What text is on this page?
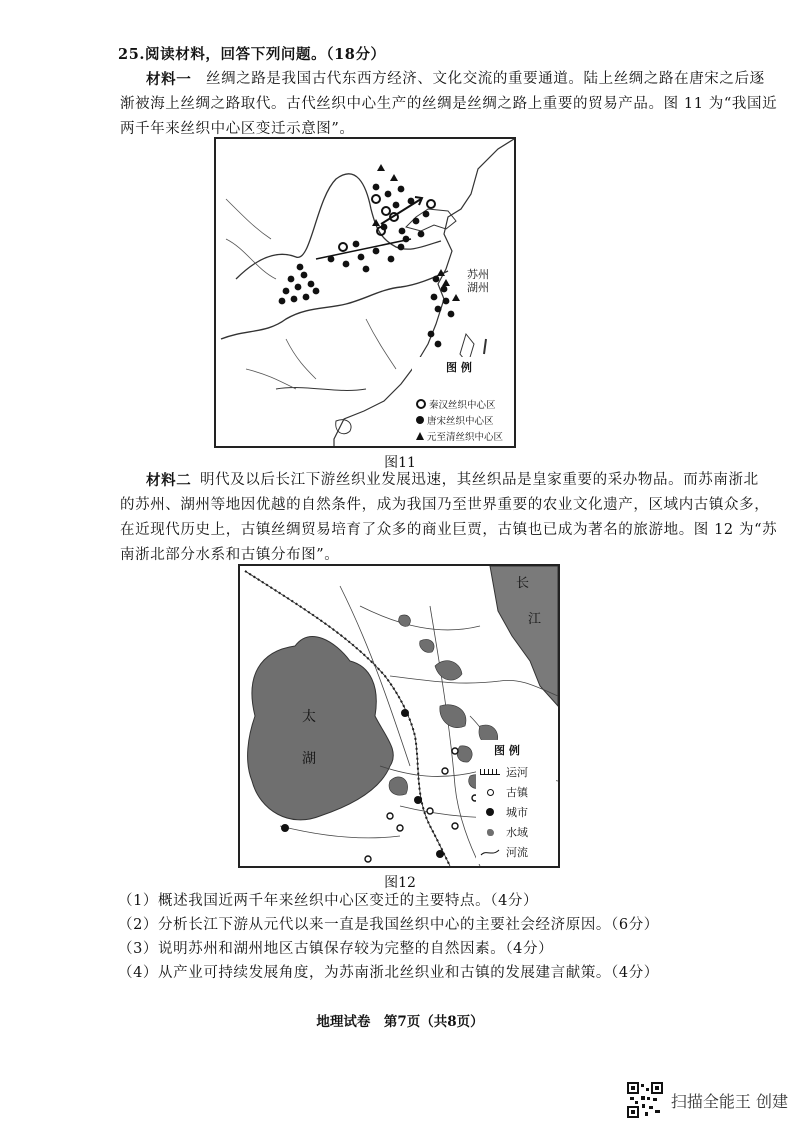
25.阅读材料，回答下列问题。（18分）
材料一 丝绸之路是我国古代东西方经济、文化交流的重要通道。陆上丝绸之路在唐宋之后逐
渐被海上丝绸之路取代。古代丝织中心生产的丝绸是丝绸之路上重要的贸易产品。图 11 为“我国近
两千年来丝织中心区变迁示意图”。
苏州
湖州
图 例
秦汉丝织中心区
唐宋丝织中心区
元至清丝织中心区
图11
材料二 明代及以后长江下游丝织业发展迅速，其丝织品是皇家重要的采办物品。而苏南浙北
的苏州、湖州等地因优越的自然条件，成为我国乃至世界重要的农业文化遗产，区域内古镇众多，
在近现代历史上，古镇丝绸贸易培育了众多的商业巨贾，古镇也已成为著名的旅游地。图 12 为“苏
南浙北部分水系和古镇分布图”。
太
湖
长
江
图 例
运河
古镇
城市
水域
河流
图12
（1）概述我国近两千年来丝织中心区变迁的主要特点。（4分）
（2）分析长江下游从元代以来一直是我国丝织中心的主要社会经济原因。（6分）
（3）说明苏州和湖州地区古镇保存较为完整的自然因素。（4分）
（4）从产业可持续发展角度，为苏南浙北丝织业和古镇的发展建言献策。（4分）
地理试卷　第7页（共8页）
扫描全能王 创建
